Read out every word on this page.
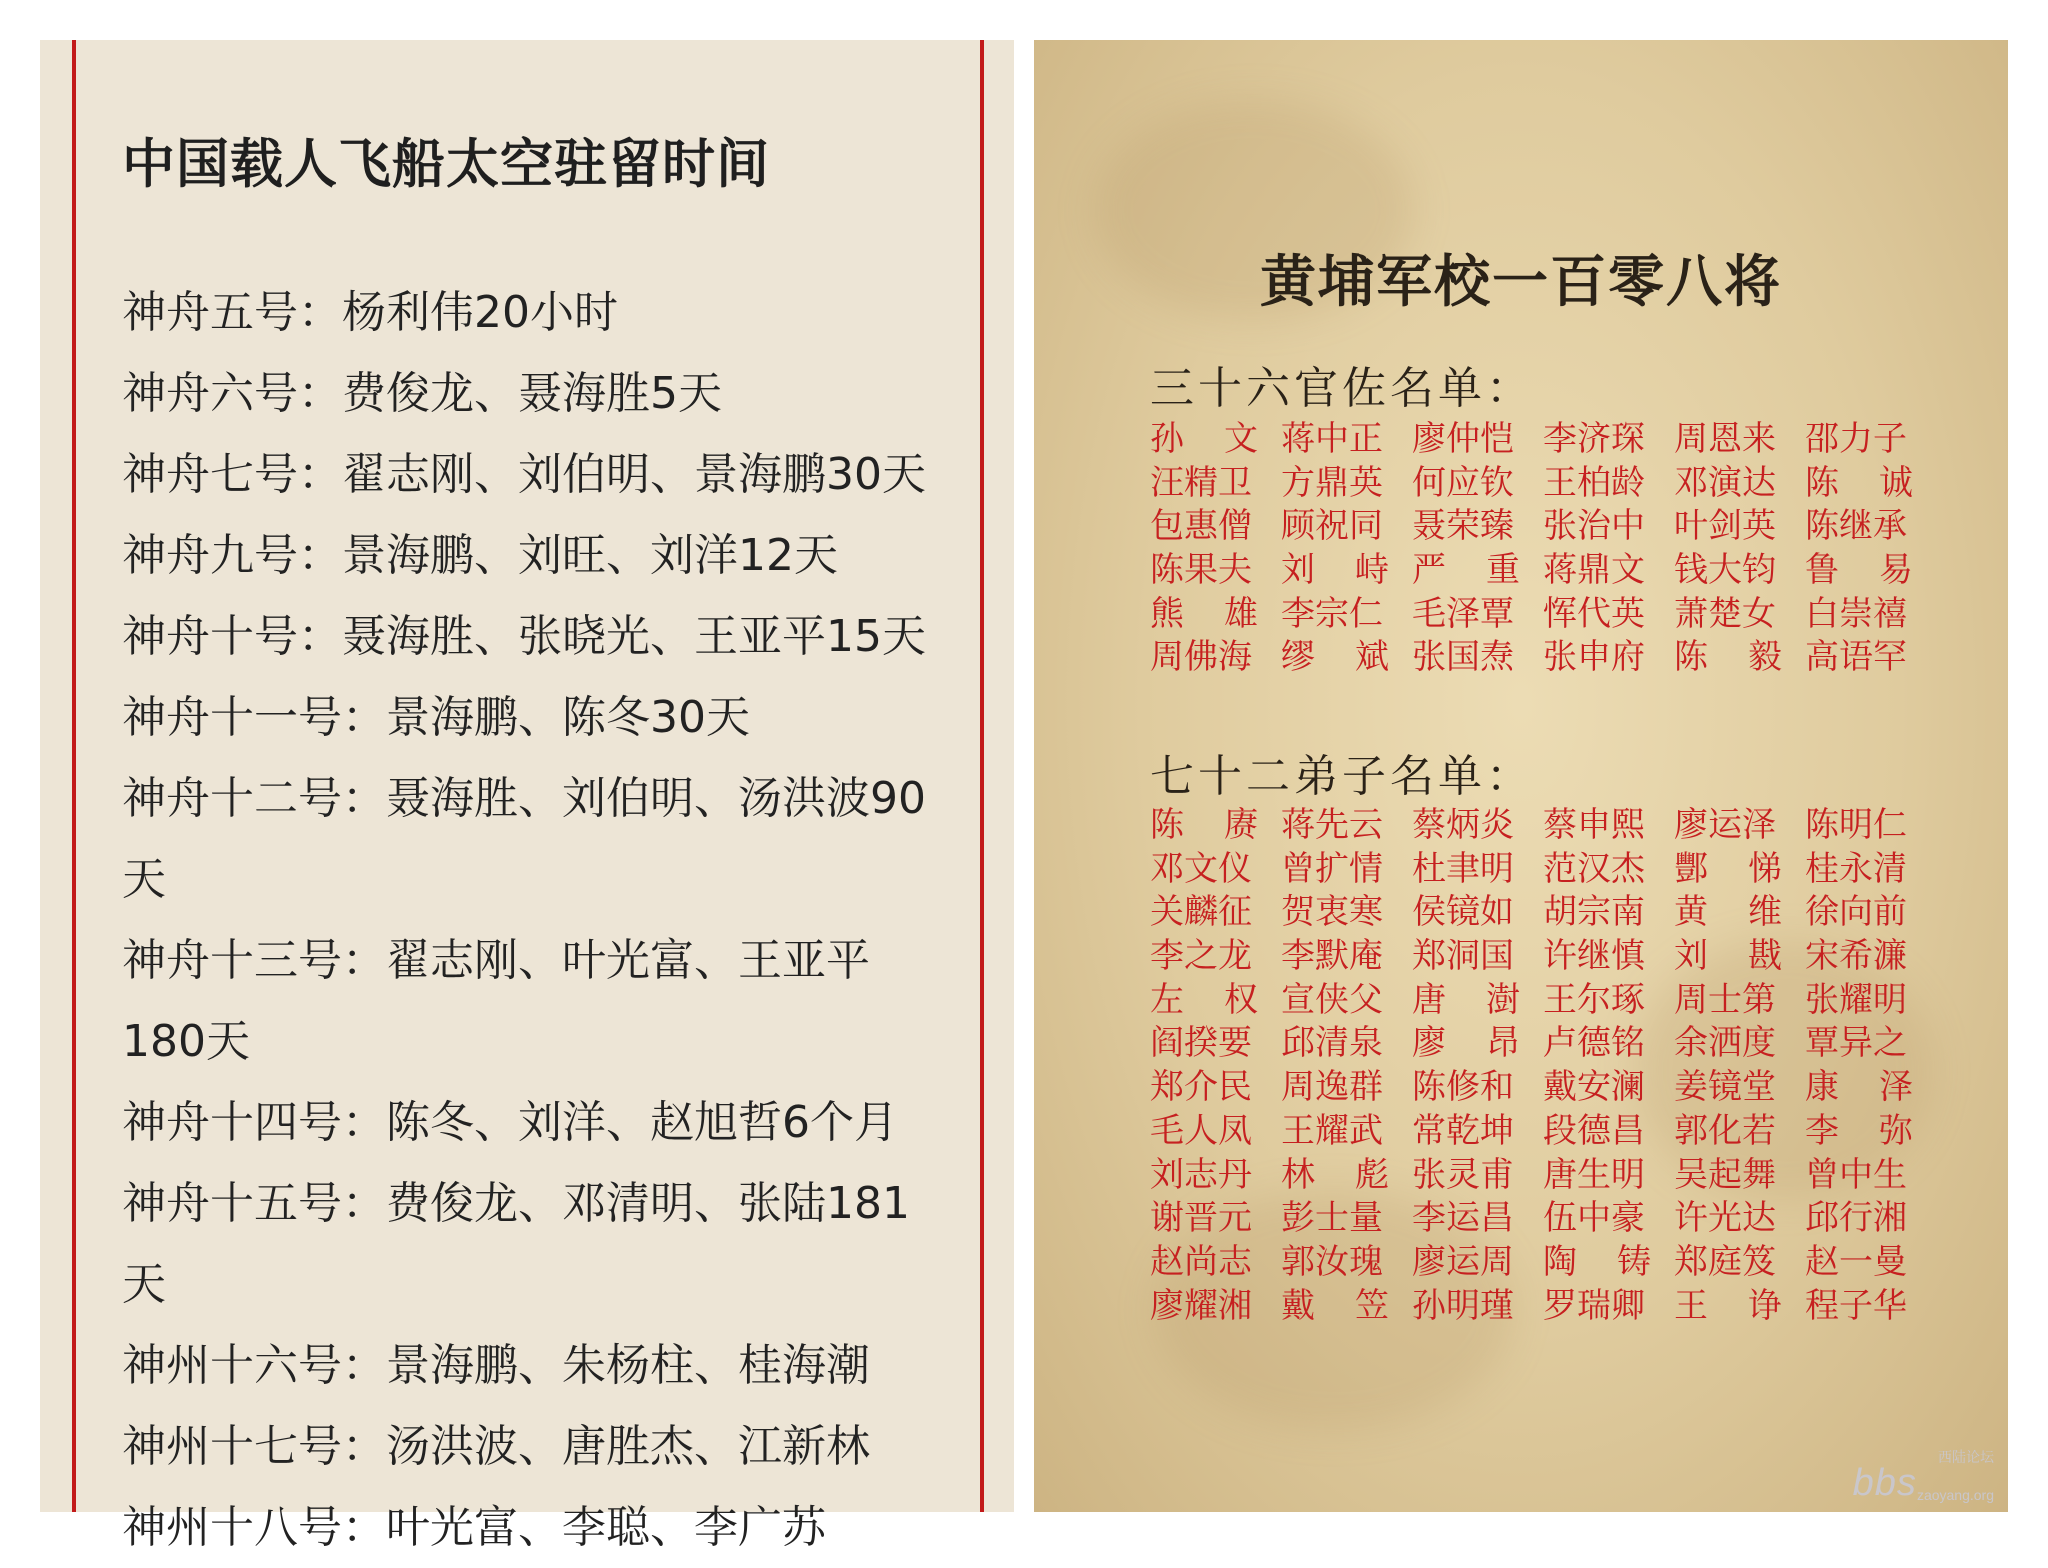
中国载人飞船太空驻留时间
神舟五号：杨利伟20小时
神舟六号：费俊龙、聂海胜5天
神舟七号：翟志刚、刘伯明、景海鹏30天
神舟九号：景海鹏、刘旺、刘洋12天
神舟十号：聂海胜、张晓光、王亚平15天
神舟十一号：景海鹏、陈冬30天
神舟十二号：聂海胜、刘伯明、汤洪波90
天
神舟十三号：翟志刚、叶光富、王亚平
180天
神舟十四号：陈冬、刘洋、赵旭哲6个月
神舟十五号：费俊龙、邓清明、张陆181
天
神州十六号：景海鹏、朱杨柱、桂海潮
神州十七号：汤洪波、唐胜杰、江新林
神州十八号：叶光富、李聪、李广苏
黄埔军校一百零八将
三十六官佐名单：
孙 文 蒋中正 廖仲恺 李济琛 周恩来 邵力子
汪精卫 方鼎英 何应钦 王柏龄 邓演达 陈 诚
包惠僧 顾祝同 聂荣臻 张治中 叶剑英 陈继承
陈果夫 刘 峙 严 重 蒋鼎文 钱大钧 鲁 易
熊 雄 李宗仁 毛泽覃 恽代英 萧楚女 白崇禧
周佛海 缪 斌 张国焘 张申府 陈 毅 高语罕
七十二弟子名单：
陈 赓 蒋先云 蔡炳炎 蔡申熙 廖运泽 陈明仁
邓文仪 曾扩情 杜聿明 范汉杰 酆 悌 桂永清
关麟征 贺衷寒 侯镜如 胡宗南 黄 维 徐向前
李之龙 李默庵 郑洞国 许继慎 刘 戡 宋希濂
左 权 宣侠父 唐 澍 王尔琢 周士第 张耀明
阎揆要 邱清泉 廖 昂 卢德铭 余洒度 覃异之
郑介民 周逸群 陈修和 戴安澜 姜镜堂 康 泽
毛人凤 王耀武 常乾坤 段德昌 郭化若 李 弥
刘志丹 林 彪 张灵甫 唐生明 吴起舞 曾中生
谢晋元 彭士量 李运昌 伍中豪 许光达 邱行湘
赵尚志 郭汝瑰 廖运周 陶 铸 郑庭笈 赵一曼
廖耀湘 戴 笠 孙明瑾 罗瑞卿 王 诤 程子华
西陆论坛
bbs zaoyang.org
